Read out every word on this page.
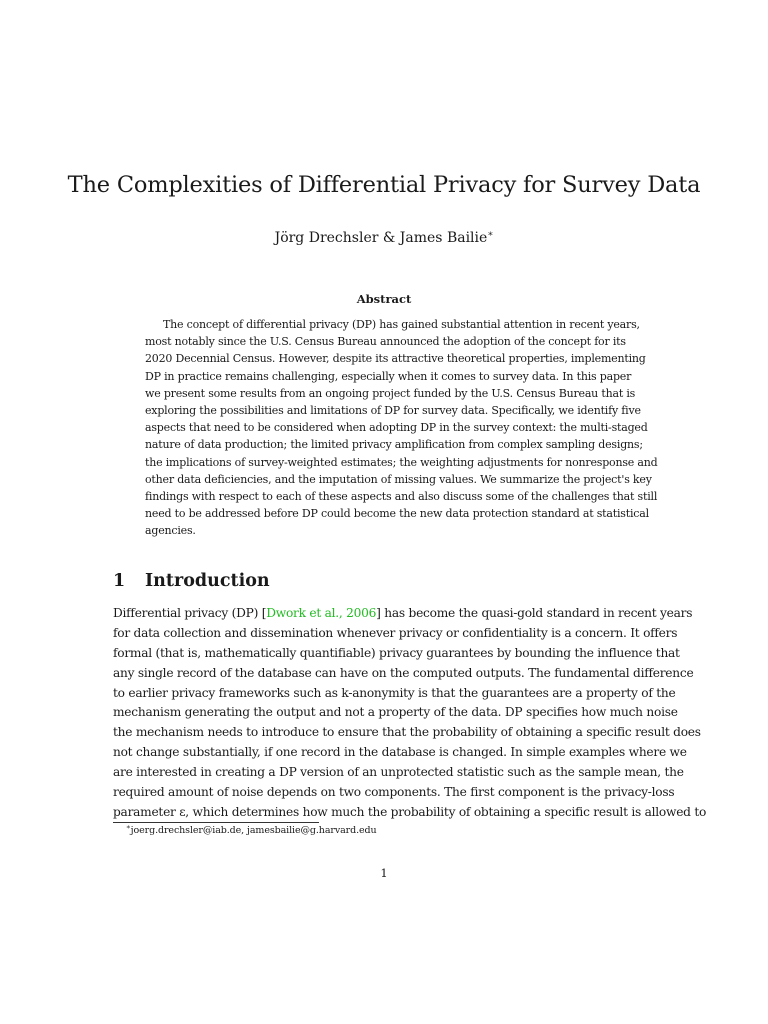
The Complexities of Differential Privacy for Survey Data
Jörg Drechsler & James Bailie∗
Abstract
The concept of differential privacy (DP) has gained substantial attention in recent years,
most notably since the U.S. Census Bureau announced the adoption of the concept for its
2020 Decennial Census. However, despite its attractive theoretical properties, implementing
DP in practice remains challenging, especially when it comes to survey data. In this paper
we present some results from an ongoing project funded by the U.S. Census Bureau that is
exploring the possibilities and limitations of DP for survey data. Specifically, we identify five
aspects that need to be considered when adopting DP in the survey context: the multi-staged
nature of data production; the limited privacy amplification from complex sampling designs;
the implications of survey-weighted estimates; the weighting adjustments for nonresponse and
other data deficiencies, and the imputation of missing values. We summarize the project's key
findings with respect to each of these aspects and also discuss some of the challenges that still
need to be addressed before DP could become the new data protection standard at statistical
agencies.
1 Introduction
Differential privacy (DP) [Dwork et al., 2006] has become the quasi-gold standard in recent years
for data collection and dissemination whenever privacy or confidentiality is a concern. It offers
formal (that is, mathematically quantifiable) privacy guarantees by bounding the influence that
any single record of the database can have on the computed outputs. The fundamental difference
to earlier privacy frameworks such as k-anonymity is that the guarantees are a property of the
mechanism generating the output and not a property of the data. DP specifies how much noise
the mechanism needs to introduce to ensure that the probability of obtaining a specific result does
not change substantially, if one record in the database is changed. In simple examples where we
are interested in creating a DP version of an unprotected statistic such as the sample mean, the
required amount of noise depends on two components. The first component is the privacy-loss
parameter ε, which determines how much the probability of obtaining a specific result is allowed to
∗joerg.drechsler@iab.de, jamesbailie@g.harvard.edu
1
